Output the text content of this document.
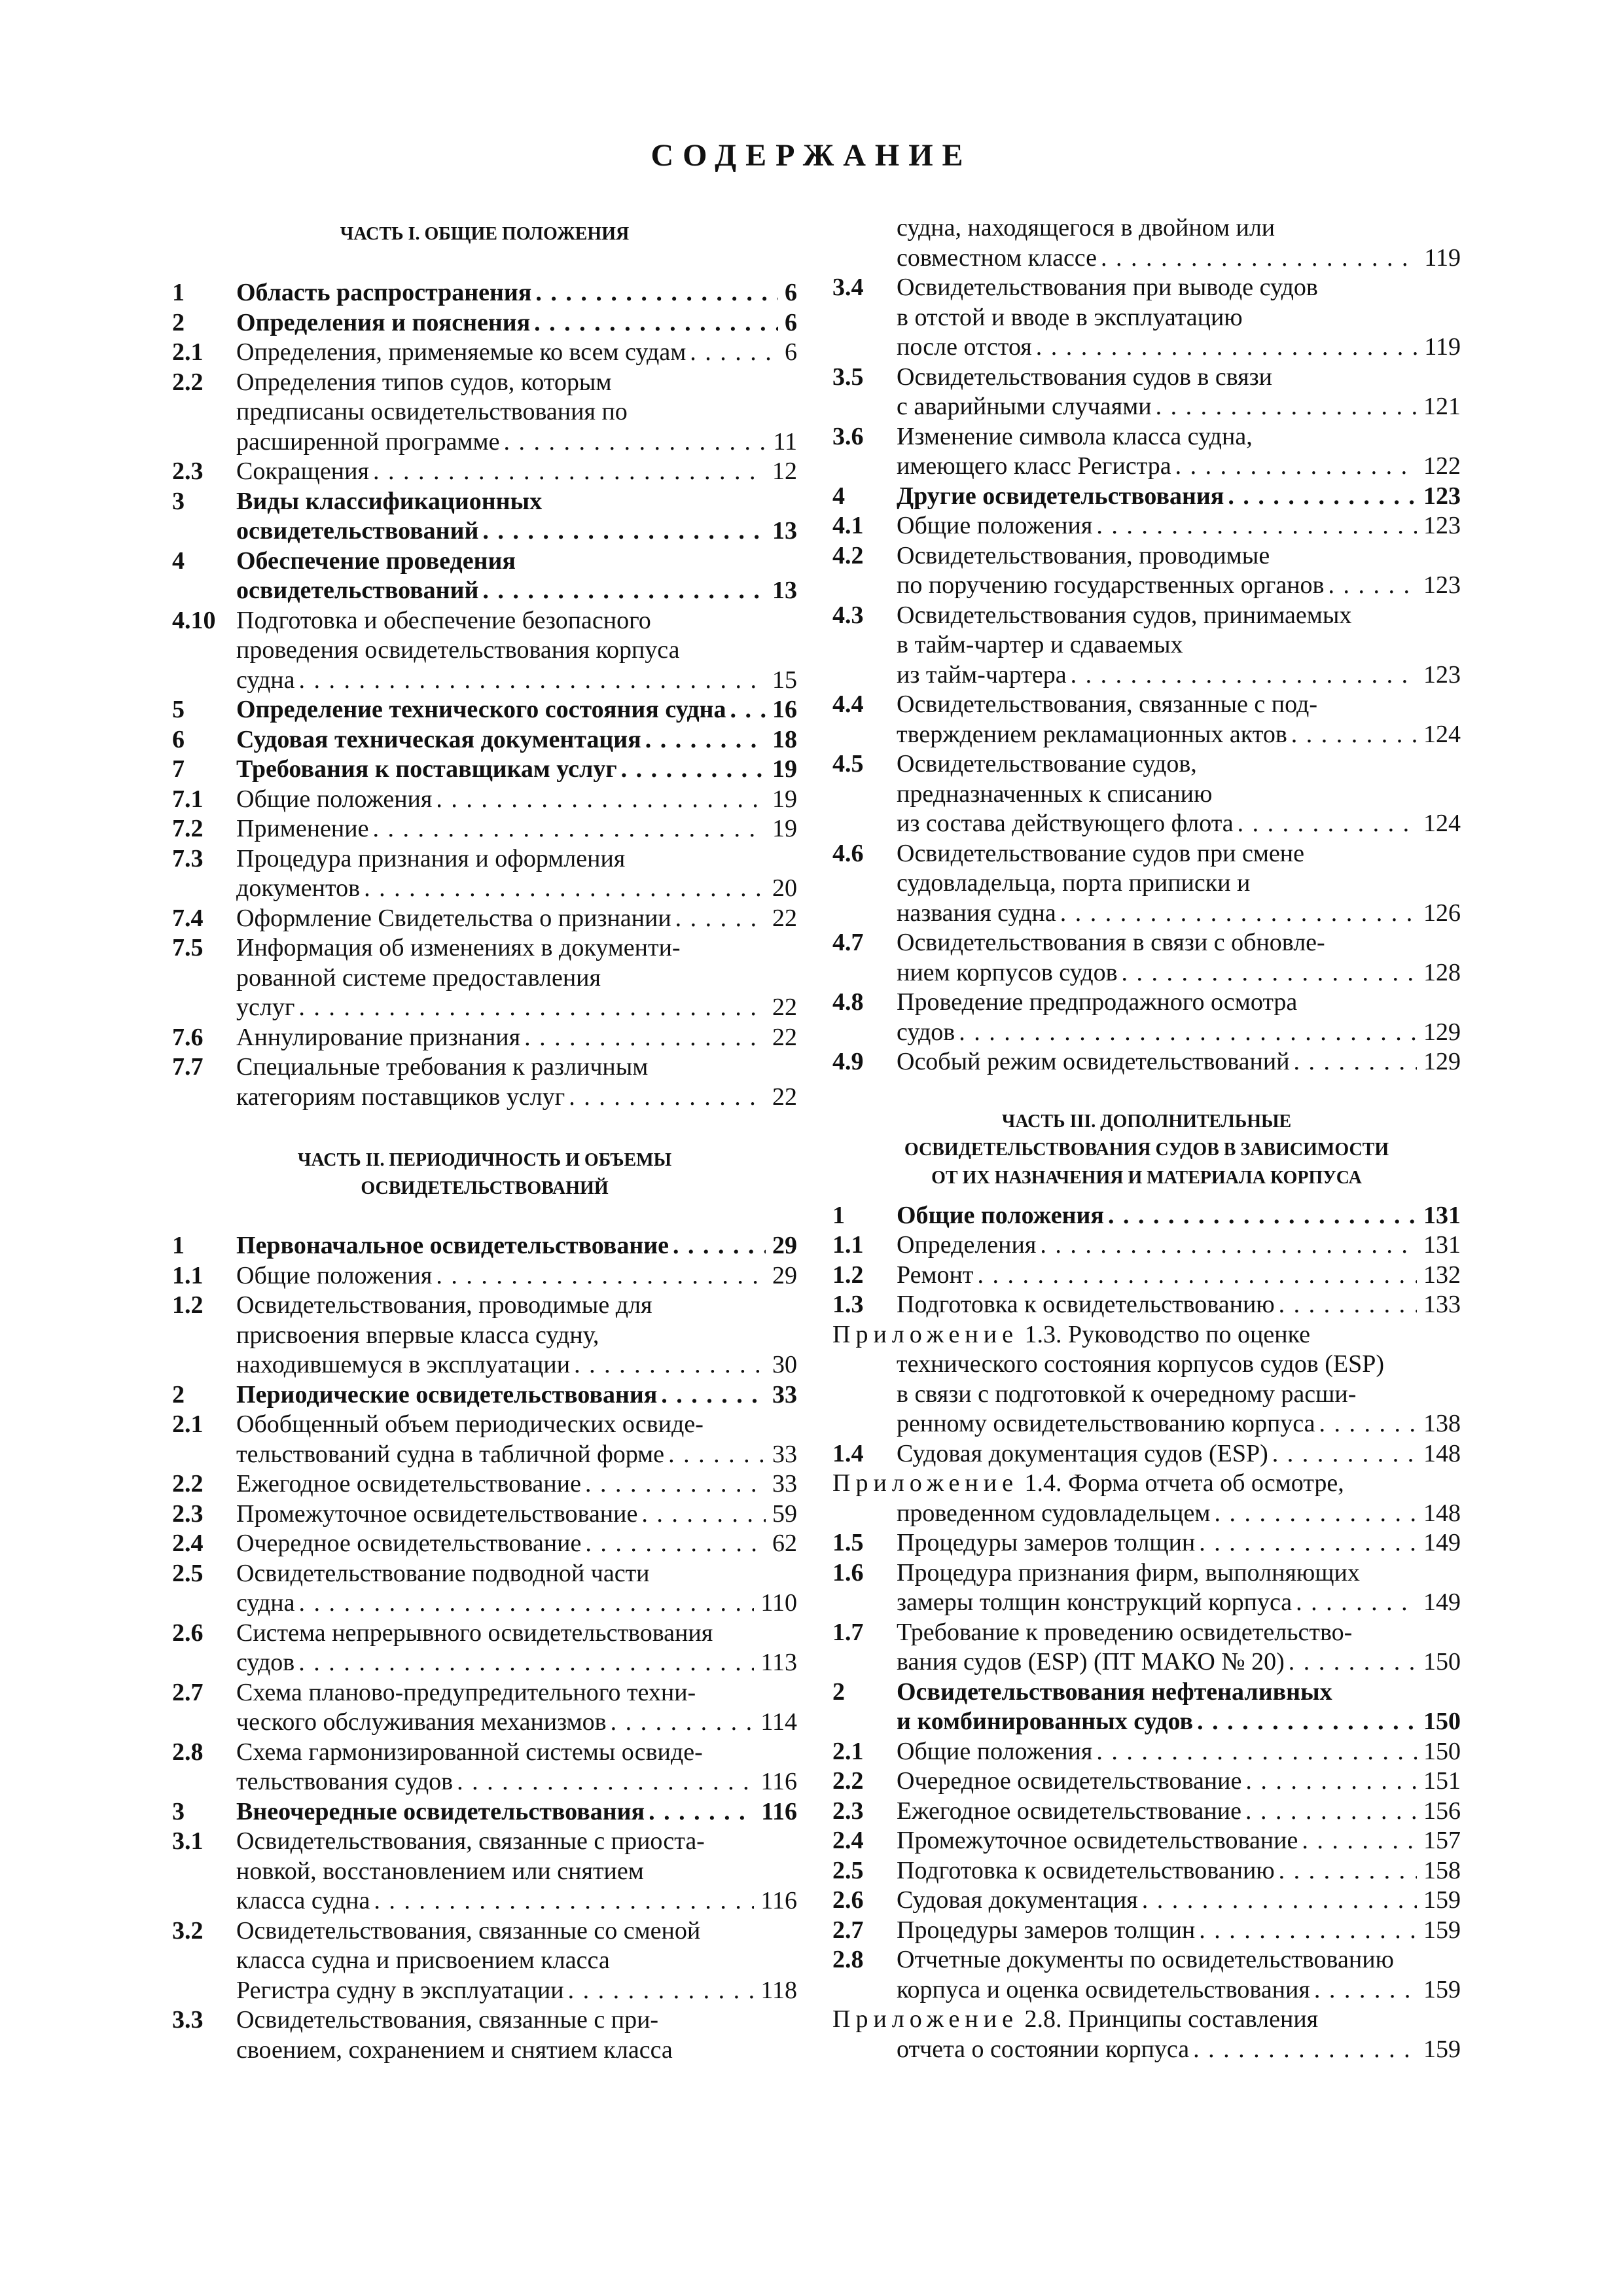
СОДЕРЖАНИЕ
ЧАСТЬ I. ОБЩИЕ ПОЛОЖЕНИЯ
1	Область распространения . . .	6
2	Определения и пояснения . . .	6
2.1	Определения, применяемые ко всем судам . . .	6
2.2	Определения типов судов, которым
предписаны освидетельствования по
расширенной программе . . .	11
2.3	Сокращения . . .	12
3	Виды классификационных
освидетельствований . . .	13
4	Обеспечение проведения
освидетельствований . . .	13
4.10 Подготовка и обеспечение безопасного
проведения освидетельствования корпуса
судна . . .	15
5	Определение технического состояния судна . . . 16
6	Судовая техническая документация . . .	18
7	Требования к поставщикам услуг . . .	19
7.1	Общие положения . . .	19
7.2	Применение . . .	19
7.3	Процедура признания и оформления
документов . . .	20
7.4	Оформление Свидетельства о признании . . .	22
7.5	Информация об изменениях в документи-
рованной системе предоставления
услуг . . .	22
7.6	Аннулирование признания . . .	22
7.7	Специальные требования к различным
категориям поставщиков услуг . . .	22
ЧАСТЬ II. ПЕРИОДИЧНОСТЬ И ОБЪЕМЫ
ОСВИДЕТЕЛЬСТВОВАНИЙ
1	Первоначальное освидетельствование . . .	29
1.1	Общие положения . . .	29
1.2	Освидетельствования, проводимые для
присвоения впервые класса судну,
находившемуся в эксплуатации . . .	30
2	Периодические освидетельствования . . .	33
2.1	Обобщенный объем периодических освиде-
тельствований судна в табличной форме . . .	33
2.2	Ежегодное освидетельствование . . .	33
2.3	Промежуточное освидетельствование . . .	59
2.4	Очередное освидетельствование . . .	62
2.5	Освидетельствование подводной части
судна . . .	110
2.6	Система непрерывного освидетельствования
судов . . .	113
2.7	Схема планово-предупредительного техни-
ческого обслуживания механизмов . . .	114
2.8	Схема гармонизированной системы освиде-
тельствования судов . . .	116
3	Внеочередные освидетельствования . . .	116
3.1	Освидетельствования, связанные с приоста-
новкой, восстановлением или снятием
класса судна . . .	116
3.2	Освидетельствования, связанные со сменой
класса судна и присвоением класса
Регистра судну в эксплуатации . . .	118
3.3	Освидетельствования, связанные с при-
своением, сохранением и снятием класса
судна, находящегося в двойном или
совместном классе . . .	119
3.4	Освидетельствования при выводе судов
в отстой и вводе в эксплуатацию
после отстоя . . .	119
3.5	Освидетельствования судов в связи
с аварийными случаями . . .	121
3.6	Изменение символа класса судна,
имеющего класс Регистра . . .	122
4	Другие освидетельствования . . .	123
4.1	Общие положения . . .	123
4.2	Освидетельствования, проводимые
по поручению государственных органов . . .	123
4.3	Освидетельствования судов, принимаемых
в тайм-чартер и сдаваемых
из тайм-чартера . . .	123
4.4	Освидетельствования, связанные с под-
тверждением рекламационных актов . . .	124
4.5	Освидетельствование судов,
предназначенных к списанию
из состава действующего флота . . .	124
4.6	Освидетельствование судов при смене
судовладельца, порта приписки и
названия судна . . .	126
4.7	Освидетельствования в связи с обновле-
нием корпусов судов . . .	128
4.8	Проведение предпродажного осмотра
судов . . .	129
4.9	Особый режим освидетельствований . . .	129
ЧАСТЬ III. ДОПОЛНИТЕЛЬНЫЕ
ОСВИДЕТЕЛЬСТВОВАНИЯ СУДОВ В ЗАВИСИМОСТИ
ОТ ИХ НАЗНАЧЕНИЯ И МАТЕРИАЛА КОРПУСА
1	Общие положения . . .	131
1.1	Определения . . .	131
1.2	Ремонт . . .	132
1.3	Подготовка к освидетельствованию . . .	133
Приложение 1.3. Руководство по оценке
технического состояния корпусов судов (ESP)
в связи с подготовкой к очередному расши-
ренному освидетельствованию корпуса . . .	138
1.4	Судовая документация судов (ESP) . . .	148
Приложение 1.4. Форма отчета об осмотре,
проведенном судовладельцем . . .	148
1.5	Процедуры замеров толщин . . .	149
1.6	Процедура признания фирм, выполняющих
замеры толщин конструкций корпуса . . .	149
1.7	Требование к проведению освидетельство-
вания судов (ESP) (ПТ МАКО № 20) . . .	150
2	Освидетельствования нефтеналивных
и комбинированных судов . . .	150
2.1	Общие положения . . .	150
2.2	Очередное освидетельствование . . .	151
2.3	Ежегодное освидетельствование . . .	156
2.4	Промежуточное освидетельствование . . .	157
2.5	Подготовка к освидетельствованию . . .	158
2.6	Судовая документация . . .	159
2.7	Процедуры замеров толщин . . .	159
2.8	Отчетные документы по освидетельствованию
корпуса и оценка освидетельствования . . .	159
Приложение 2.8. Принципы составления
отчета о состоянии корпуса . . .	159
